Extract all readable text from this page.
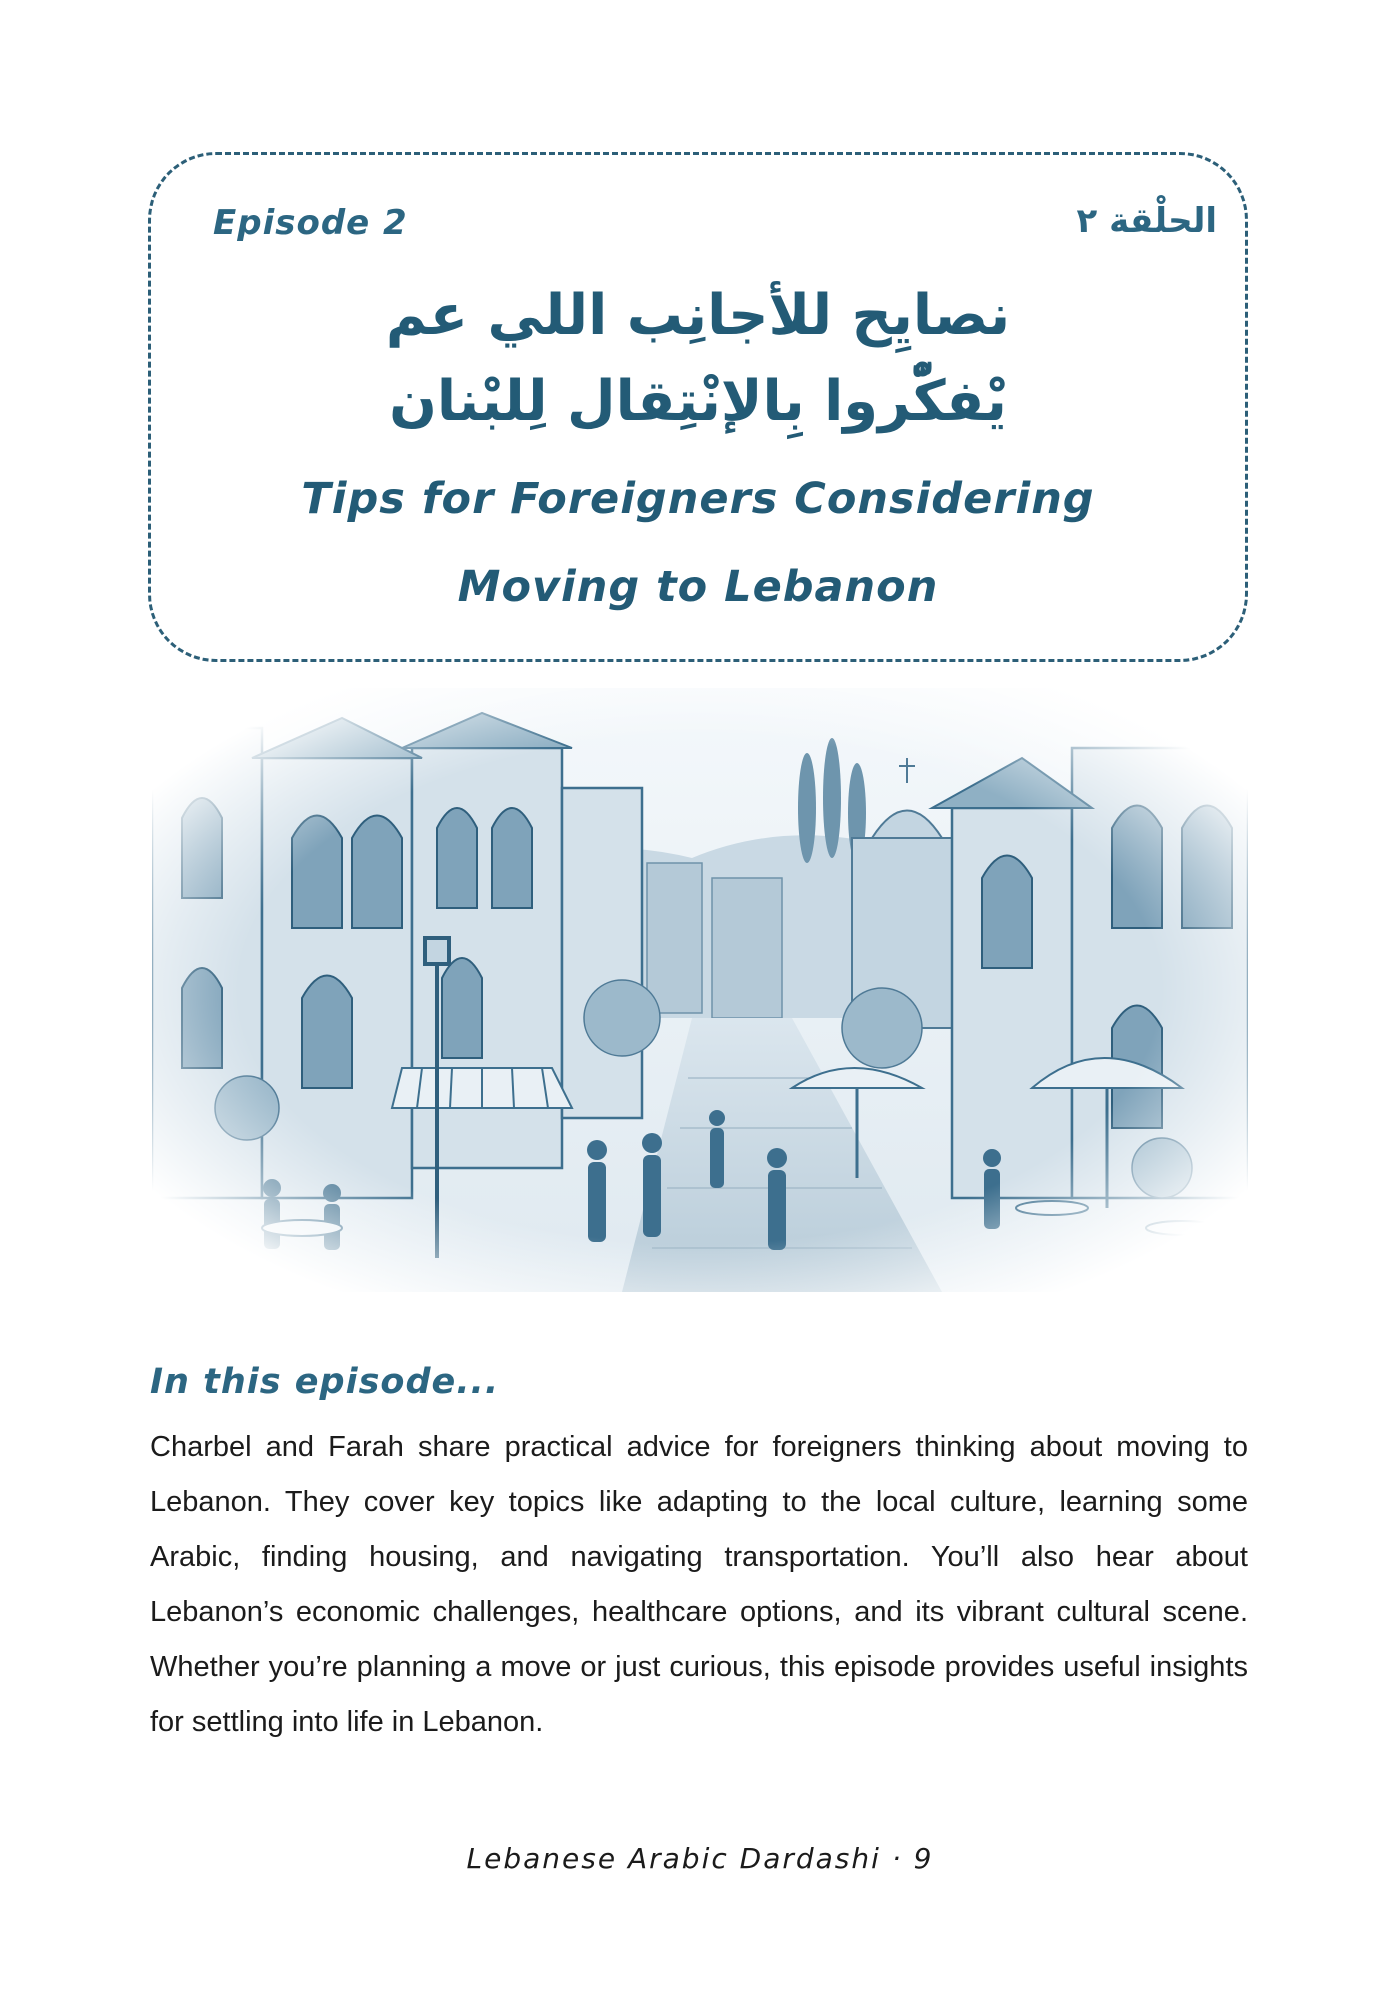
Episode 2	الحلْقة ٢
نصايِح للأجانِب اللي عم
يْفكّْروا بِالإنْتِقال لِلبْنان
Tips for Foreigners Considering
Moving to Lebanon
In this episode...
Charbel and Farah share practical advice for foreigners thinking about moving to Lebanon. They cover key topics like adapting to the local culture, learning some Arabic, finding housing, and navigating transportation. You’ll also hear about Lebanon’s economic challenges, healthcare options, and its vibrant cultural scene. Whether you’re planning a move or just curious, this episode provides useful insights for settling into life in Lebanon.
Lebanese Arabic Dardashi · 9
